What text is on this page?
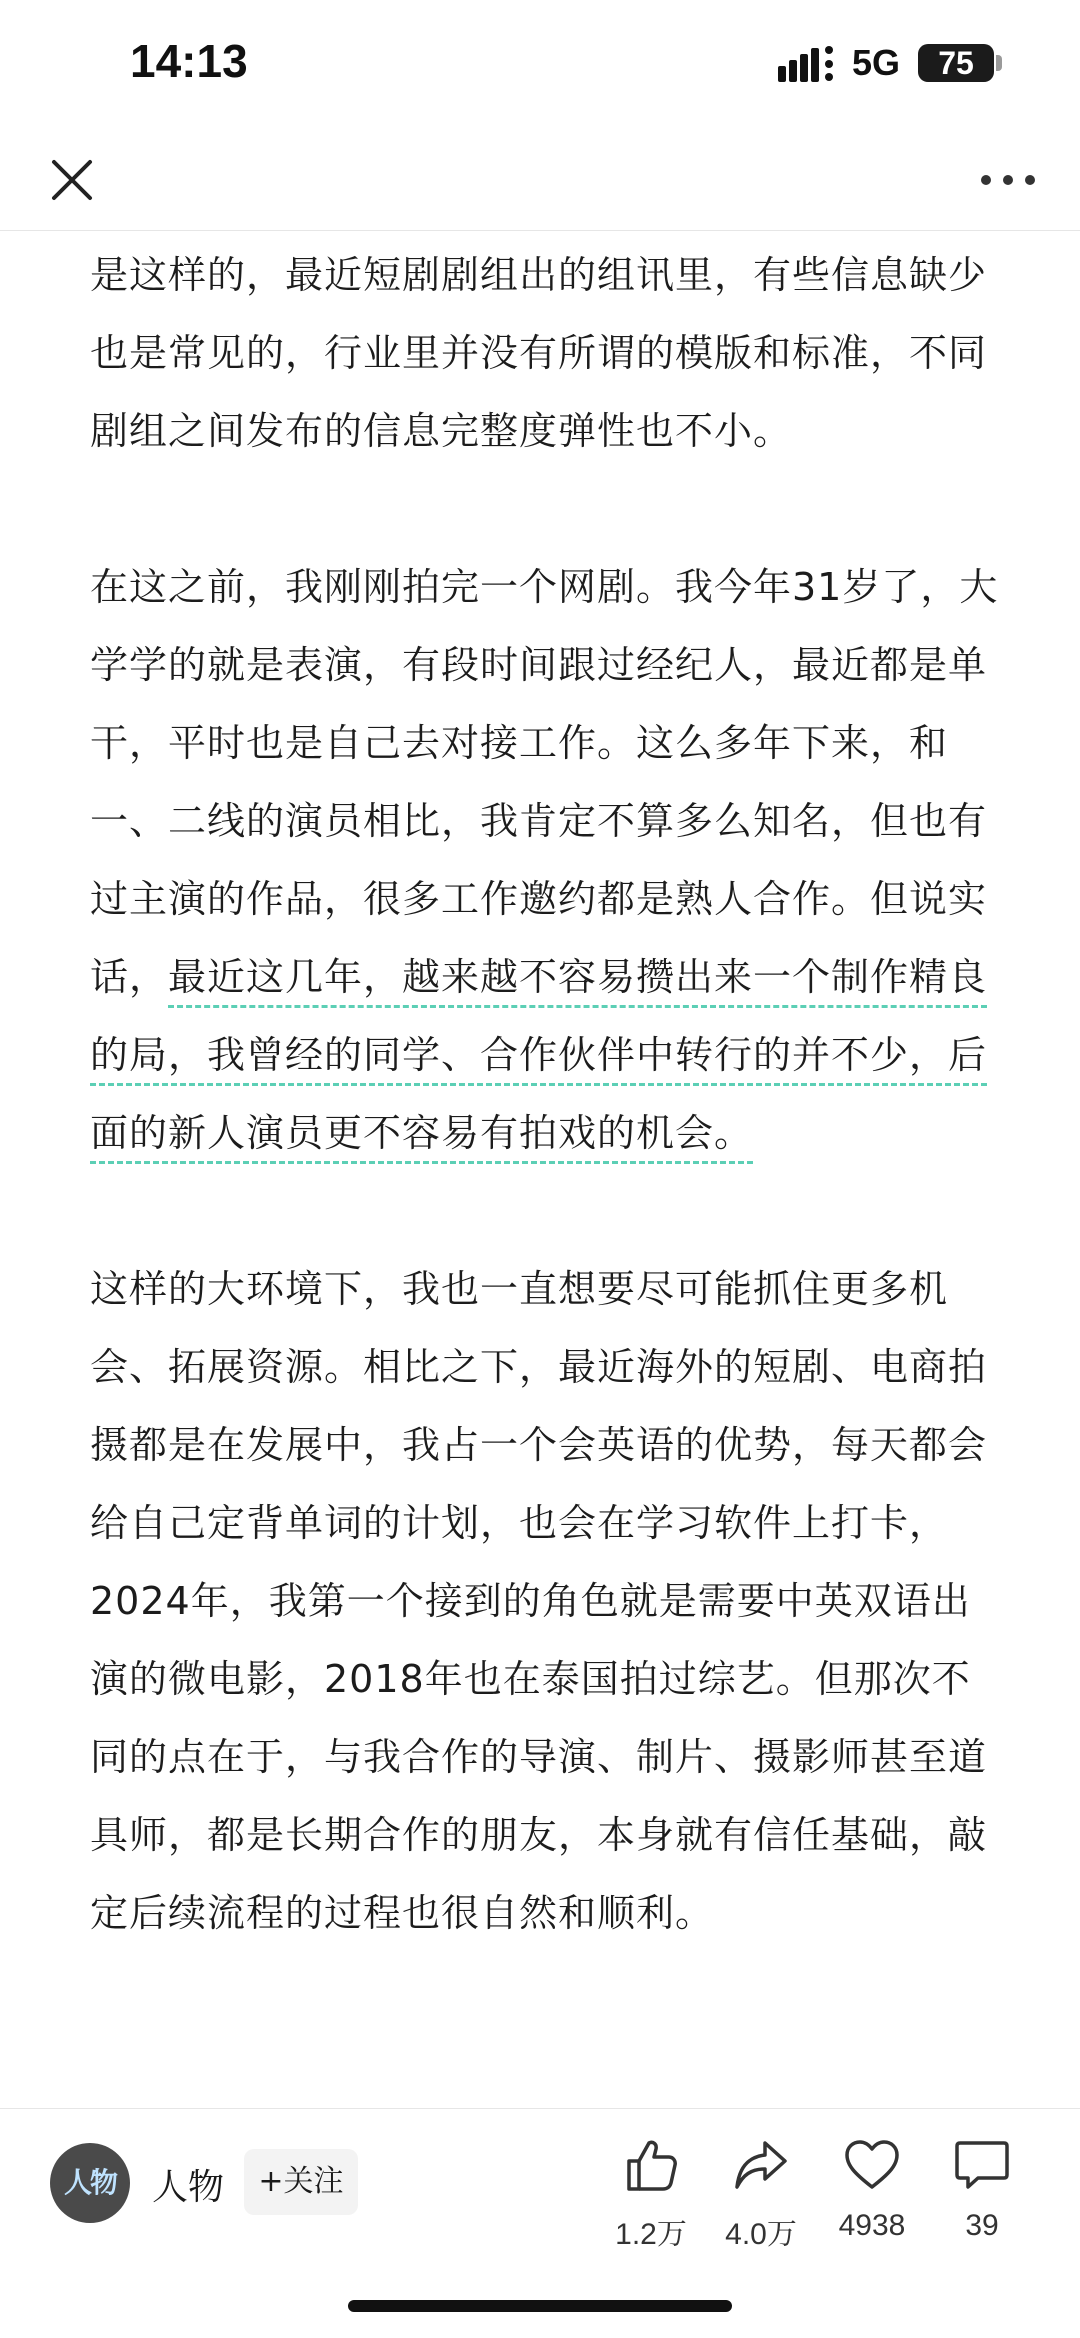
14:13	5G	75

是这样的，最近短剧剧组出的组讯里，有些信息缺少也是常见的，行业里并没有所谓的模版和标准，不同剧组之间发布的信息完整度弹性也不小。

在这之前，我刚刚拍完一个网剧。我今年31岁了，大学学的就是表演，有段时间跟过经纪人，最近都是单干，平时也是自己去对接工作。这么多年下来，和一、二线的演员相比，我肯定不算多么知名，但也有过主演的作品，很多工作邀约都是熟人合作。但说实话，最近这几年，越来越不容易攒出来一个制作精良的局，我曾经的同学、合作伙伴中转行的并不少，后面的新人演员更不容易有拍戏的机会。

这样的大环境下，我也一直想要尽可能抓住更多机会、拓展资源。相比之下，最近海外的短剧、电商拍摄都是在发展中，我占一个会英语的优势，每天都会给自己定背单词的计划，也会在学习软件上打卡，2024年，我第一个接到的角色就是需要中英双语出演的微电影，2018年也在泰国拍过综艺。但那次不同的点在于，与我合作的导演、制片、摄影师甚至道具师，都是长期合作的朋友，本身就有信任基础，敲定后续流程的过程也很自然和顺利。

人物	人物	+关注
1.2万	4.0万	4938	39
